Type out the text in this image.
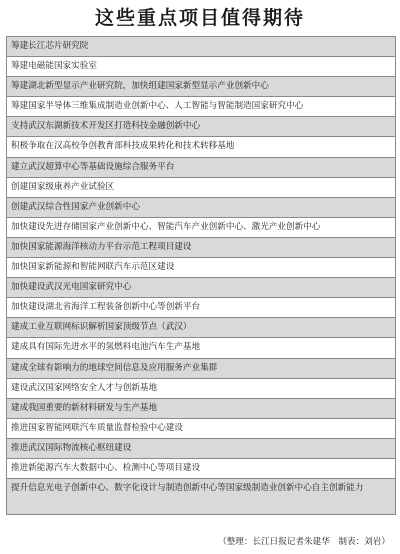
这些重点项目值得期待
筹建长江芯片研究院
筹建电磁能国家实验室
筹建湖北新型显示产业研究院，加快组建国家新型显示产业创新中心
筹建国家半导体三维集成制造业创新中心、人工智能与智能制造国家研究中心
支持武汉东湖新技术开发区打造科技金融创新中心
积极争取在汉高校争创教育部科技成果转化和技术转移基地
建立武汉超算中心等基础设施综合服务平台
创建国家级康养产业试验区
创建武汉综合性国家产业创新中心
加快建设先进存储国家产业创新中心、智能汽车产业创新中心、激光产业创新中心
加快国家能源海洋核动力平台示范工程项目建设
加快国家新能源和智能网联汽车示范区建设
加快建设武汉光电国家研究中心
加快建设湖北省海洋工程装备创新中心等创新平台
建成工业互联网标识解析国家顶级节点（武汉）
建成具有国际先进水平的氢燃料电池汽车生产基地
建成全球有影响力的地球空间信息及应用服务产业集群
建设武汉国家网络安全人才与创新基地
建成我国重要的新材料研发与生产基地
推进国家智能网联汽车质量监督检验中心建设
推进武汉国际物流核心枢纽建设
推进新能源汽车大数据中心、检测中心等项目建设
提升信息光电子创新中心、数字化设计与制造创新中心等国家级制造业创新中心自主创新能力
（整理：长江日报记者朱建华　制表：刘岩）
